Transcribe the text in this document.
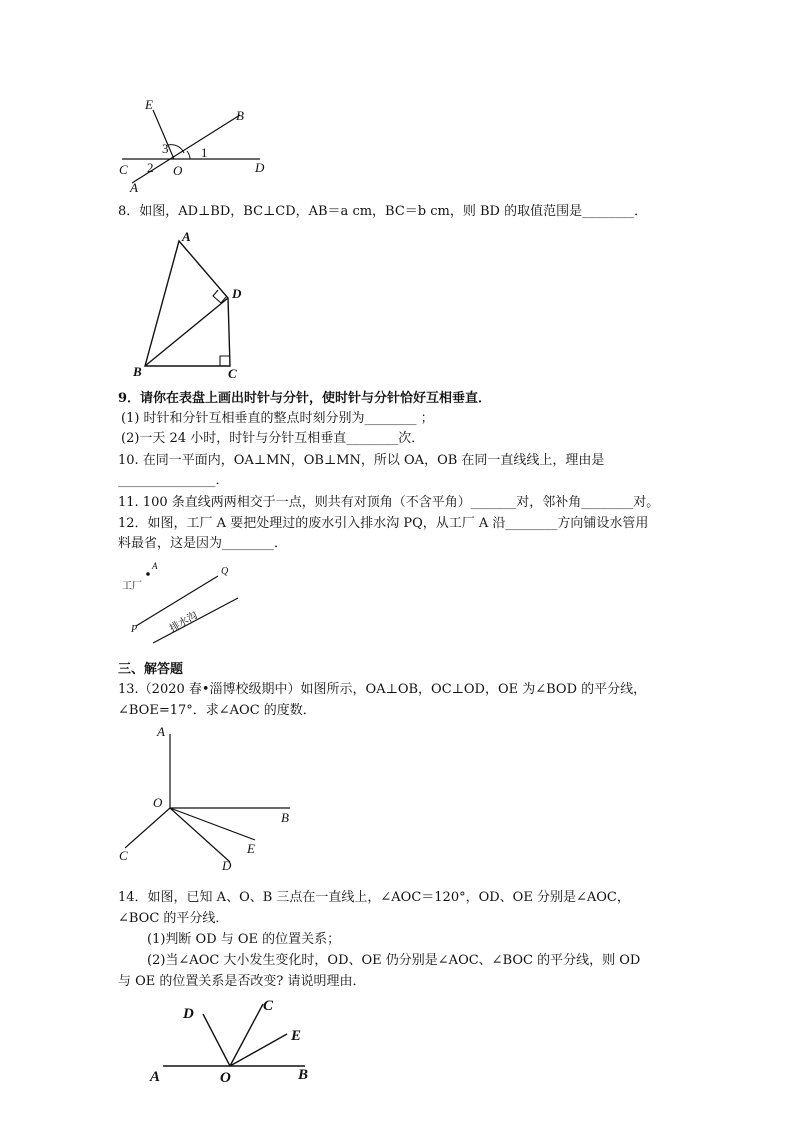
E
B
3	1
C 2 O	D
A
8．如图，AD⊥BD，BC⊥CD，AB＝a cm，BC＝b cm，则 BD 的取值范围是________．
A
D
B	C
9．请你在表盘上画出时针与分针，使时针与分针恰好互相垂直．
(1) 时针和分针互相垂直的整点时刻分别为________ ；
(2)一天 24 小时，时针与分针互相垂直________次．
10. 在同一平面内，OA⊥MN，OB⊥MN，所以 OA，OB 在同一直线线上，理由是
_______________．
11. 100 条直线两两相交于一点，则共有对顶角（不含平角）_______对，邻补角________对。
12．如图，工厂 A 要把处理过的废水引入排水沟 PQ，从工厂 A 沿________方向铺设水管用
料最省，这是因为________．
工厂
A	Q
P	排水沟
三、解答题
13.（2020 春•淄博校级期中）如图所示，OA⊥OB，OC⊥OD，OE 为∠BOD 的平分线，
∠BOE=17°．求∠AOC 的度数．
A
O
B
E
C
D
14．如图，已知 A、O、B 三点在一直线上，∠AOC＝120°，OD、OE 分别是∠AOC，
∠BOC 的平分线．
(1)判断 OD 与 OE 的位置关系；
(2)当∠AOC 大小发生变化时，OD、OE 仍分别是∠AOC、∠BOC 的平分线，则 OD
与 OE 的位置关系是否改变? 请说明理由．
D	C
E
A	O	B
